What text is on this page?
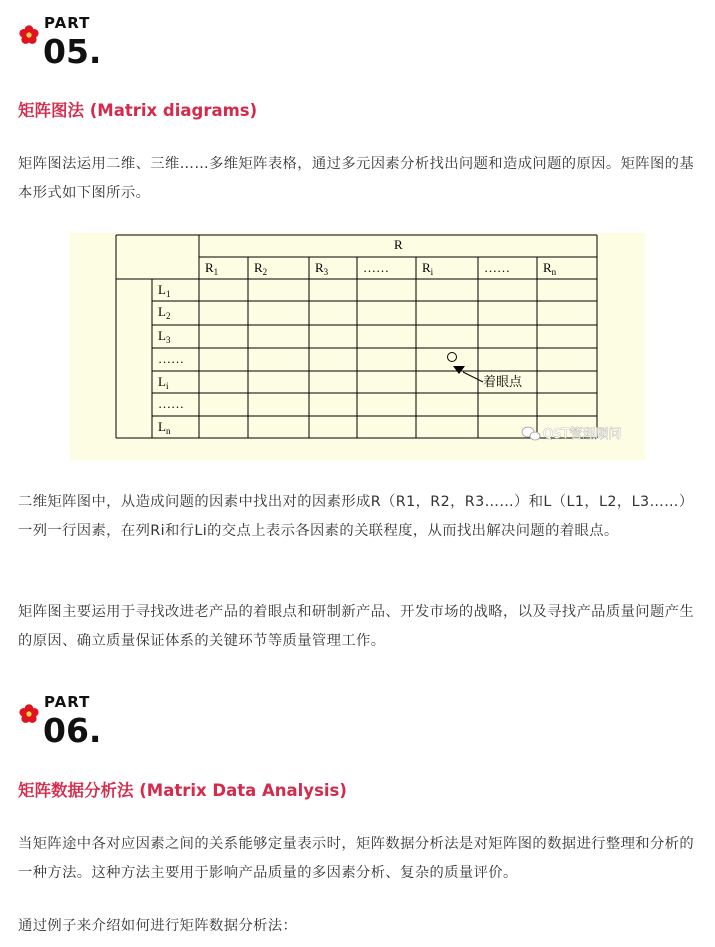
PART
05.
矩阵图法 (Matrix diagrams)
矩阵图法运用二维、三维……多维矩阵表格，通过多元因素分析找出问题和造成问题的原因。矩阵图的基本形式如下图所示。
R
$R_1$	$R_2$	$R_3$	……	$R_i$	……	$R_n$
$L_1$
$L_2$
$L_3$
……
$L_i$
……
$L_n$
着眼点
QST管理顾问
二维矩阵图中，从造成问题的因素中找出对的因素形成R（R1，R2，R3……）和L（L1，L2，L3……）一列一行因素，在列Ri和行Li的交点上表示各因素的关联程度，从而找出解决问题的着眼点。
矩阵图主要运用于寻找改进老产品的着眼点和研制新产品、开发市场的战略，以及寻找产品质量问题产生的原因、确立质量保证体系的关键环节等质量管理工作。
PART
06.
矩阵数据分析法 (Matrix Data Analysis)
当矩阵途中各对应因素之间的关系能够定量表示时，矩阵数据分析法是对矩阵图的数据进行整理和分析的一种方法。这种方法主要用于影响产品质量的多因素分析、复杂的质量评价。
通过例子来介绍如何进行矩阵数据分析法：
